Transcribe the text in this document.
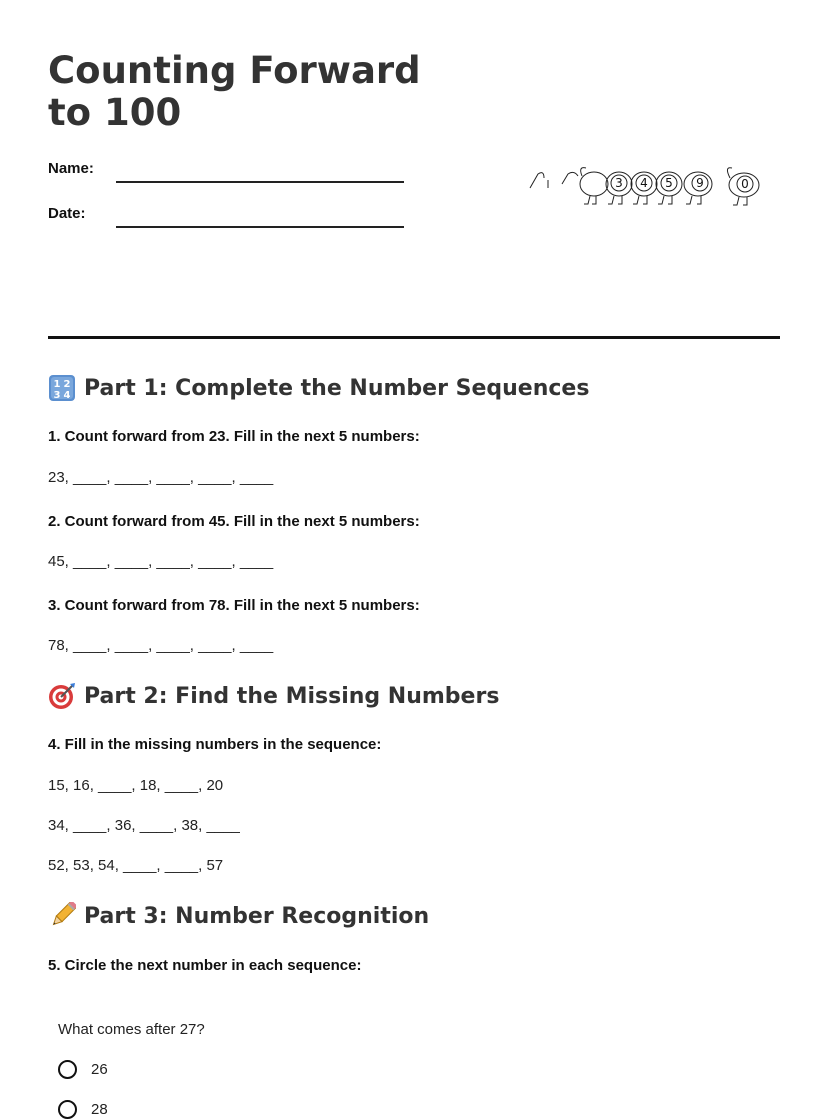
Counting Forward to 100
Name:
Date:
3 4 5 9	0
1 2
3 4 Part 1: Complete the Number Sequences
1. Count forward from 23. Fill in the next 5 numbers:
23, ____, ____, ____, ____, ____
2. Count forward from 45. Fill in the next 5 numbers:
45, ____, ____, ____, ____, ____
3. Count forward from 78. Fill in the next 5 numbers:
78, ____, ____, ____, ____, ____
Part 2: Find the Missing Numbers
4. Fill in the missing numbers in the sequence:
15, 16, ____, 18, ____, 20
34, ____, 36, ____, 38, ____
52, 53, 54, ____, ____, 57
Part 3: Number Recognition
5. Circle the next number in each sequence:
What comes after 27?
26
28
